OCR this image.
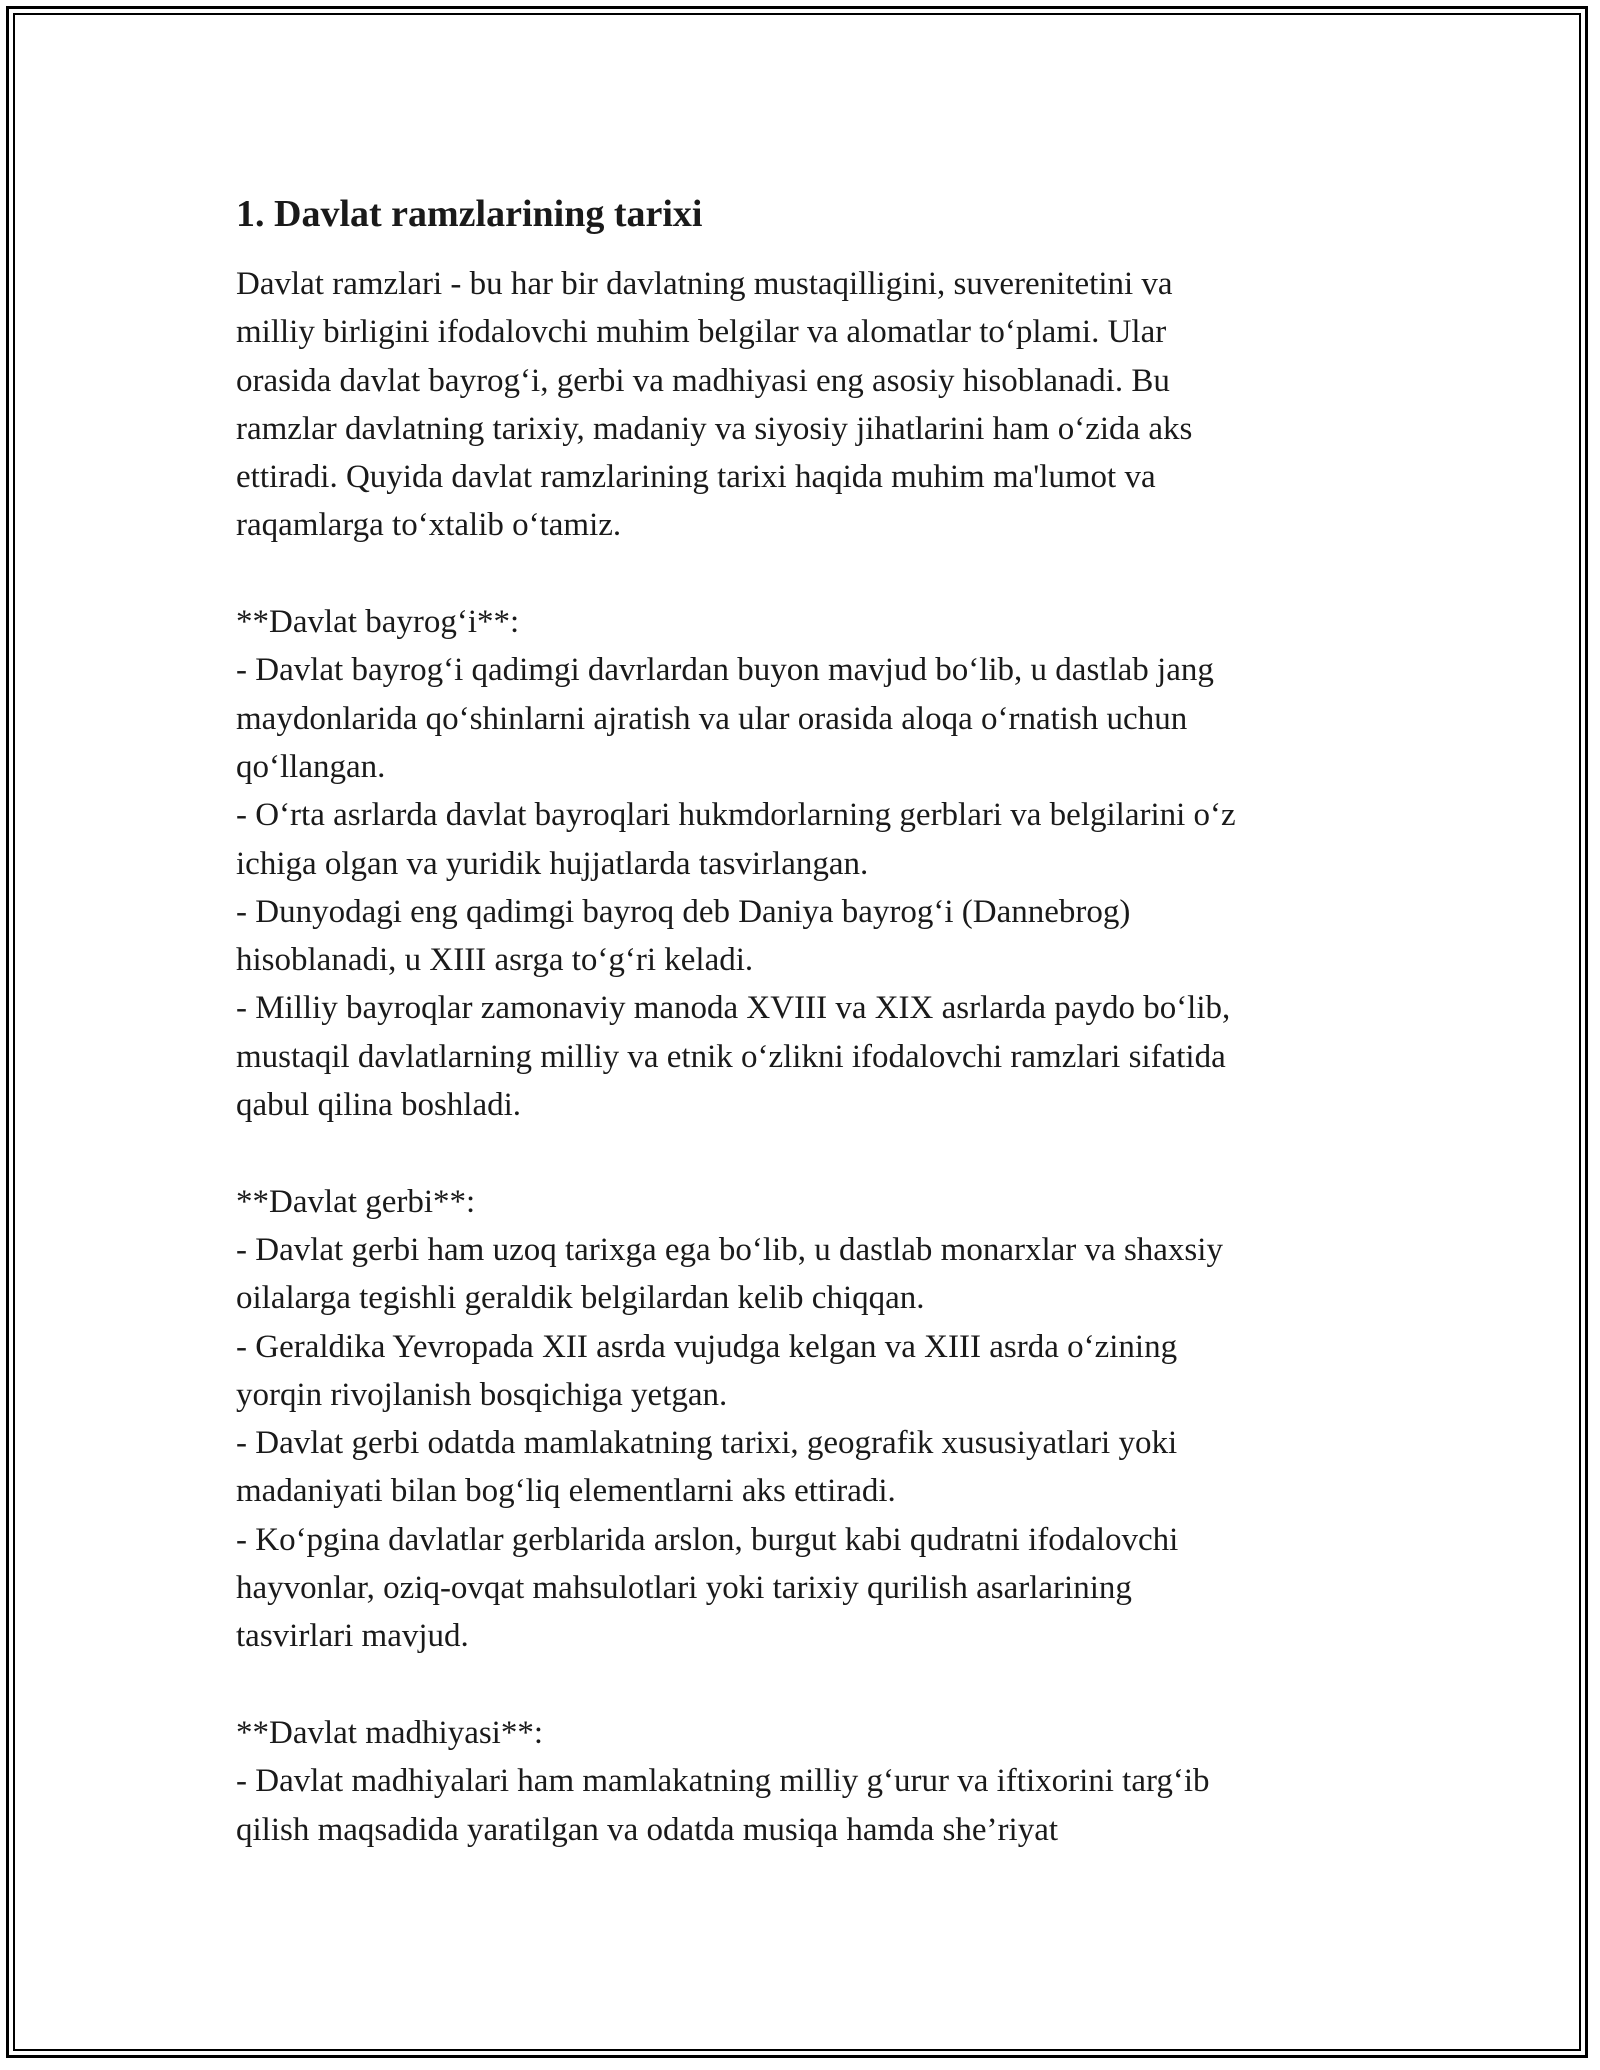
1. Davlat ramzlarining tarixi
Davlat ramzlari - bu har bir davlatning mustaqilligini, suverenitetini va
milliy birligini ifodalovchi muhim belgilar va alomatlar to‘plami. Ular
orasida davlat bayrog‘i, gerbi va madhiyasi eng asosiy hisoblanadi. Bu
ramzlar davlatning tarixiy, madaniy va siyosiy jihatlarini ham o‘zida aks
ettiradi. Quyida davlat ramzlarining tarixi haqida muhim ma'lumot va
raqamlarga to‘xtalib o‘tamiz.
**Davlat bayrog‘i**:
- Davlat bayrog‘i qadimgi davrlardan buyon mavjud bo‘lib, u dastlab jang
maydonlarida qo‘shinlarni ajratish va ular orasida aloqa o‘rnatish uchun
qo‘llangan.
- O‘rta asrlarda davlat bayroqlari hukmdorlarning gerblari va belgilarini o‘z
ichiga olgan va yuridik hujjatlarda tasvirlangan.
- Dunyodagi eng qadimgi bayroq deb Daniya bayrog‘i (Dannebrog)
hisoblanadi, u XIII asrga to‘g‘ri keladi.
- Milliy bayroqlar zamonaviy manoda XVIII va XIX asrlarda paydo bo‘lib,
mustaqil davlatlarning milliy va etnik o‘zlikni ifodalovchi ramzlari sifatida
qabul qilina boshladi.
**Davlat gerbi**:
- Davlat gerbi ham uzoq tarixga ega bo‘lib, u dastlab monarxlar va shaxsiy
oilalarga tegishli geraldik belgilardan kelib chiqqan.
- Geraldika Yevropada XII asrda vujudga kelgan va XIII asrda o‘zining
yorqin rivojlanish bosqichiga yetgan.
- Davlat gerbi odatda mamlakatning tarixi, geografik xususiyatlari yoki
madaniyati bilan bog‘liq elementlarni aks ettiradi.
- Ko‘pgina davlatlar gerblarida arslon, burgut kabi qudratni ifodalovchi
hayvonlar, oziq-ovqat mahsulotlari yoki tarixiy qurilish asarlarining
tasvirlari mavjud.
**Davlat madhiyasi**:
- Davlat madhiyalari ham mamlakatning milliy g‘urur va iftixorini targ‘ib
qilish maqsadida yaratilgan va odatda musiqa hamda she’riyat
